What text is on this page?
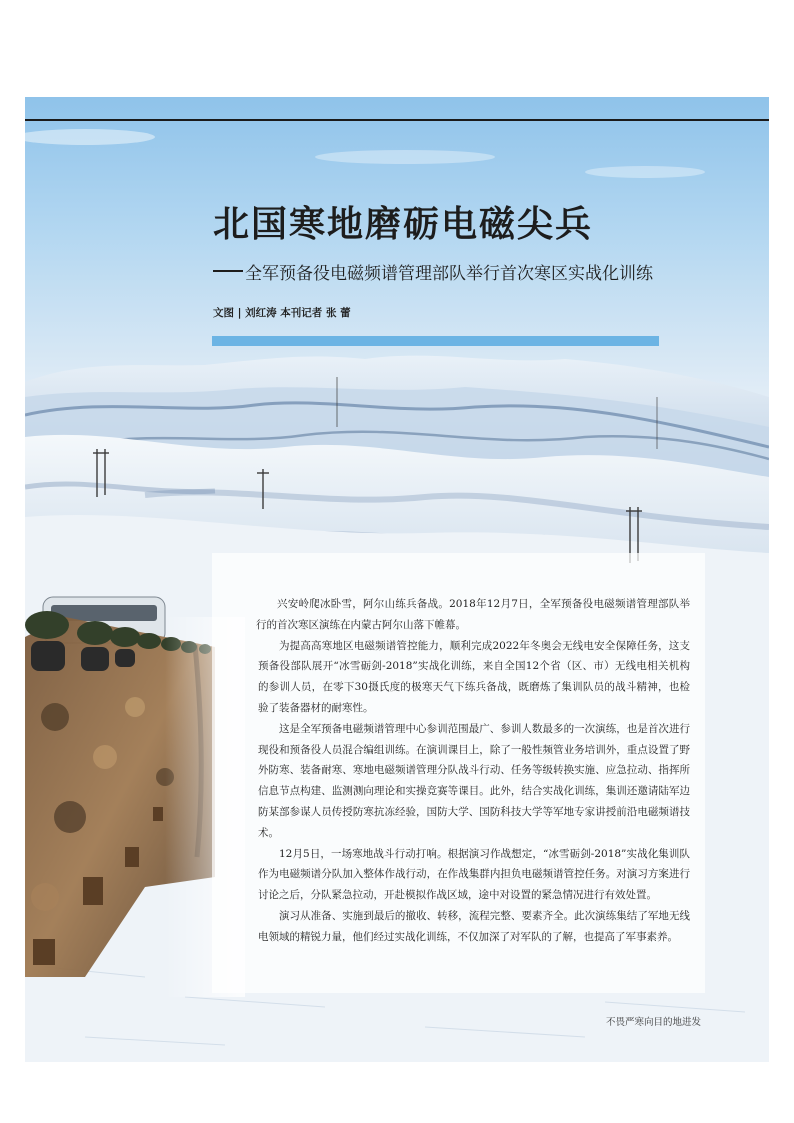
北国寒地磨砺电磁尖兵
全军预备役电磁频谱管理部队举行首次寒区实战化训练
文图 | 刘红涛 本刊记者 张 蕾

兴安岭爬冰卧雪，阿尔山练兵备战。2018年12月7日，全军预备役电磁频谱管理部队举行的首次寒区演练在内蒙古阿尔山落下帷幕。

为提高高寒地区电磁频谱管控能力，顺利完成2022年冬奥会无线电安全保障任务，这支预备役部队展开“冰雪砺剑-2018”实战化训练，来自全国12个省（区、市）无线电相关机构的参训人员，在零下30摄氏度的极寒天气下练兵备战，既磨炼了集训队员的战斗精神，也检验了装备器材的耐寒性。

这是全军预备电磁频谱管理中心参训范围最广、参训人数最多的一次演练，也是首次进行现役和预备役人员混合编组训练。在演训课目上，除了一般性频管业务培训外，重点设置了野外防寒、装备耐寒、寒地电磁频谱管理分队战斗行动、任务等级转换实施、应急拉动、指挥所信息节点构建、监测测向理论和实操竞赛等课目。此外，结合实战化训练，集训还邀请陆军边防某部参谋人员传授防寒抗冻经验，国防大学、国防科技大学等军地专家讲授前沿电磁频谱技术。

12月5日，一场寒地战斗行动打响。根据演习作战想定，“冰雪砺剑-2018”实战化集训队作为电磁频谱分队加入整体作战行动，在作战集群内担负电磁频谱管控任务。对演习方案进行讨论之后，分队紧急拉动，开赴模拟作战区域，途中对设置的紧急情况进行有效处置。

演习从准备、实施到最后的撤收、转移，流程完整、要素齐全。此次演练集结了军地无线电领域的精锐力量，他们经过实战化训练，不仅加深了对军队的了解，也提高了军事素养。

不畏严寒向目的地进发
